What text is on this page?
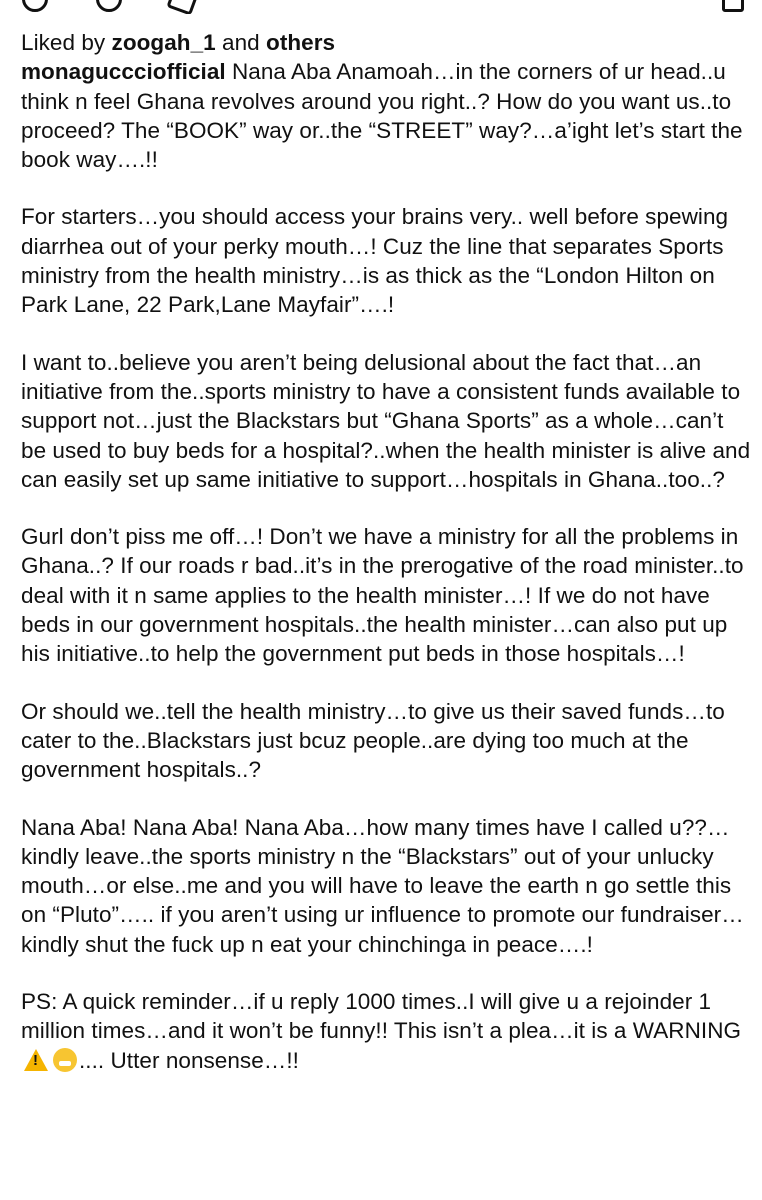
Liked by zoogah_1 and others

monaguccciofficial Nana Aba Anamoah…in the corners of ur head..u think n feel Ghana revolves around you right..? How do you want us..to proceed? The “BOOK” way or..the “STREET” way?…a’ight let’s start the book way….!!

For starters…you should access your brains very.. well before spewing diarrhea out of your perky mouth…! Cuz the line that separates Sports ministry from the health ministry…is as thick as the “London Hilton on Park Lane, 22 Park,Lane Mayfair”….!

I want to..believe you aren’t being delusional about the fact that…an initiative from the..sports ministry to have a consistent funds available to support not…just the Blackstars but “Ghana Sports” as a whole…can’t be used to buy beds for a hospital?..when the health minister is alive and can easily set up same initiative to support…hospitals in Ghana..too..?

Gurl don’t piss me off…! Don’t we have a ministry for all the problems in Ghana..? If our roads r bad..it’s in the prerogative of the road minister..to deal with it n same applies to the health minister…! If we do not have beds in our government hospitals..the health minister…can also put up his initiative..to help the government put beds in those hospitals…!

Or should we..tell the health ministry…to give us their saved funds…to cater to the..Blackstars just bcuz people..are dying too much at the government hospitals..?

Nana Aba! Nana Aba! Nana Aba…how many times have I called u??…kindly leave..the sports ministry n the “Blackstars” out of your unlucky mouth…or else..me and you will have to leave the earth n go settle this on “Pluto”….. if you aren’t using ur influence to promote our fundraiser…kindly shut the fuck up n eat your chinchinga in peace….!

PS: A quick reminder…if u reply 1000 times..I will give u a rejoinder 1 million times…and it won’t be funny!! This isn’t a plea…it is a WARNING !.... Utter nonsense…!!
